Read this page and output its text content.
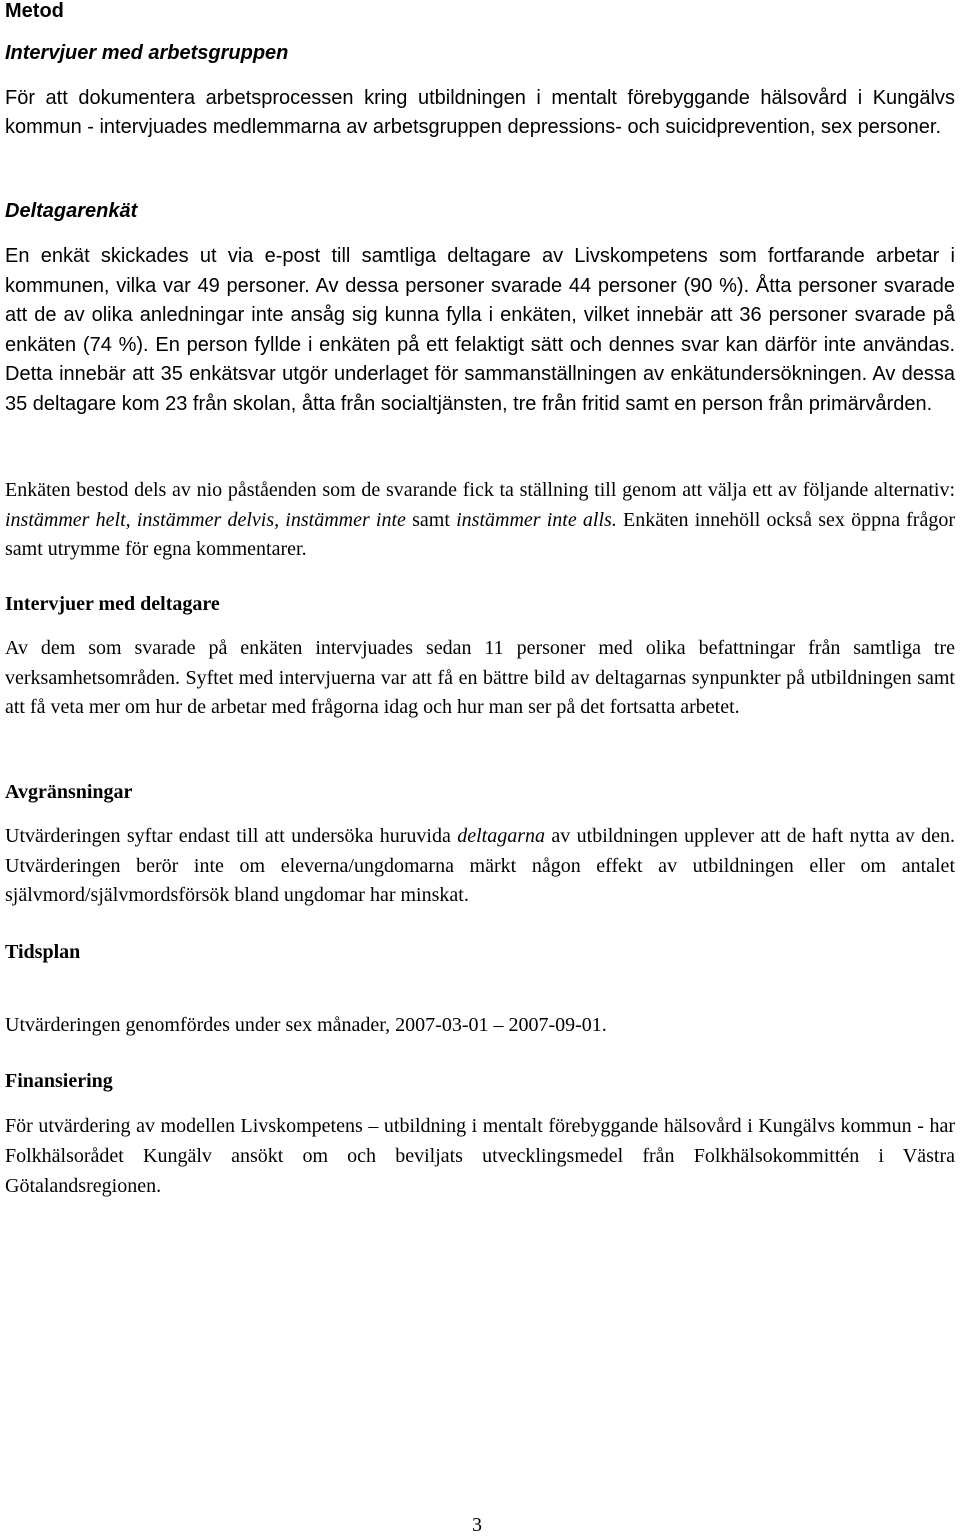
Metod
Intervjuer med arbetsgruppen

För att dokumentera arbetsprocessen kring utbildningen i mentalt förebyggande hälsovård i Kungälvs kommun - intervjuades medlemmarna av arbetsgruppen depressions- och suicidprevention, sex personer.

Deltagarenkät

En enkät skickades ut via e-post till samtliga deltagare av Livskompetens som fortfarande arbetar i kommunen, vilka var 49 personer. Av dessa personer svarade 44 personer (90 %). Åtta personer svarade att de av olika anledningar inte ansåg sig kunna fylla i enkäten, vilket innebär att 36 personer svarade på enkäten (74 %). En person fyllde i enkäten på ett felaktigt sätt och dennes svar kan därför inte användas. Detta innebär att 35 enkätsvar utgör underlaget för sammanställningen av enkätundersökningen. Av dessa 35 deltagare kom 23 från skolan, åtta från socialtjänsten, tre från fritid samt en person från primärvården.

Enkäten bestod dels av nio påståenden som de svarande fick ta ställning till genom att välja ett av följande alternativ: instämmer helt, instämmer delvis, instämmer inte samt instämmer inte alls. Enkäten innehöll också sex öppna frågor samt utrymme för egna kommentarer.

Intervjuer med deltagare

Av dem som svarade på enkäten intervjuades sedan 11 personer med olika befattningar från samtliga tre verksamhetsområden. Syftet med intervjuerna var att få en bättre bild av deltagarnas synpunkter på utbildningen samt att få veta mer om hur de arbetar med frågorna idag och hur man ser på det fortsatta arbetet.

Avgränsningar

Utvärderingen syftar endast till att undersöka huruvida deltagarna av utbildningen upplever att de haft nytta av den. Utvärderingen berör inte om eleverna/ungdomarna märkt någon effekt av utbildningen eller om antalet självmord/självmordsförsök bland ungdomar har minskat.

Tidsplan

Utvärderingen genomfördes under sex månader, 2007-03-01 – 2007-09-01.

Finansiering

För utvärdering av modellen Livskompetens – utbildning i mentalt förebyggande hälsovård i Kungälvs kommun - har Folkhälsorådet Kungälv ansökt om och beviljats utvecklingsmedel från Folkhälsokommittén i Västra Götalandsregionen.

3
